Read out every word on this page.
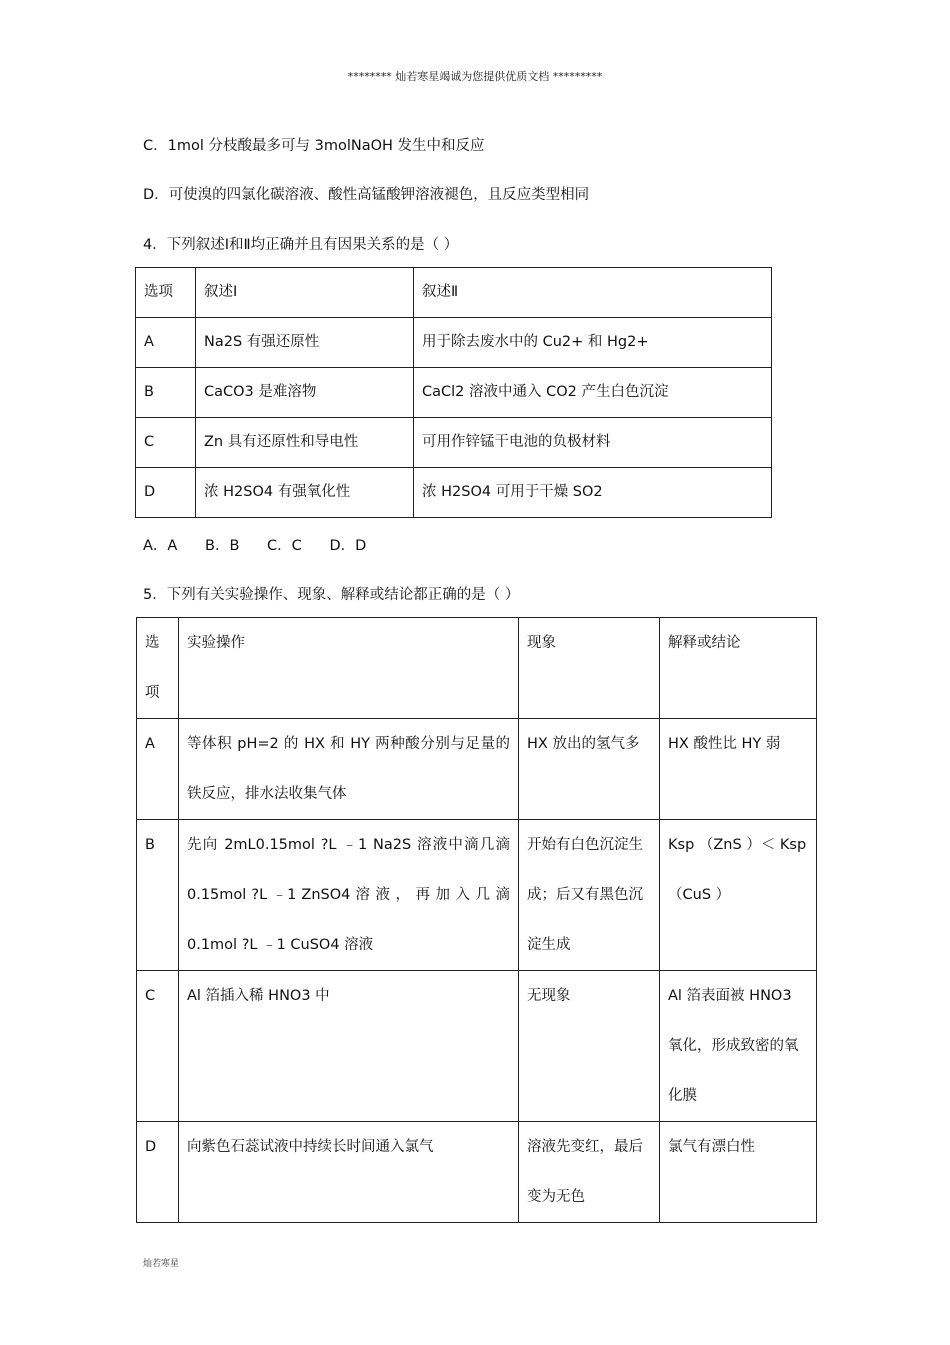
******** 灿若寒星竭诚为您提供优质文档 *********
C．1mol 分枝酸最多可与 3molNaOH 发生中和反应
D．可使溴的四氯化碳溶液、酸性高锰酸钾溶液褪色，且反应类型相同
4．下列叙述Ⅰ和Ⅱ均正确并且有因果关系的是（ ）
选项	叙述Ⅰ	叙述Ⅱ
A	Na2S 有强还原性	用于除去废水中的 Cu2+ 和 Hg2+
B	CaCO3 是难溶物	CaCl2 溶液中通入 CO2 产生白色沉淀
C	Zn 具有还原性和导电性	可用作锌锰干电池的负极材料
D	浓 H2SO4 有强氧化性	浓 H2SO4 可用于干燥 SO2
A．A      B．B      C．C      D．D
5．下列有关实验操作、现象、解释或结论都正确的是（ ）
选
项	实验操作	现象	解释或结论
A	等体积 pH=2 的 HX 和 HY 两种酸分别与足量的铁反应，排水法收集气体	HX 放出的氢气多	HX 酸性比 HY 弱
B	先向 2mL0.15mol ?L ﹣1 Na2S 溶液中滴几滴 0.15mol ?L ﹣1 ZnSO4 溶 液 ， 再 加 入 几 滴 0.1mol ?L ﹣1 CuSO4 溶液	开始有白色沉淀生成；后又有黑色沉淀生成	Ksp （ZnS ）＜ Ksp （CuS ）
C	Al 箔插入稀 HNO3 中	无现象	Al 箔表面被 HNO3 氧化，形成致密的氧化膜
D	向紫色石蕊试液中持续长时间通入氯气	溶液先变红，最后变为无色	氯气有漂白性
灿若寒星
